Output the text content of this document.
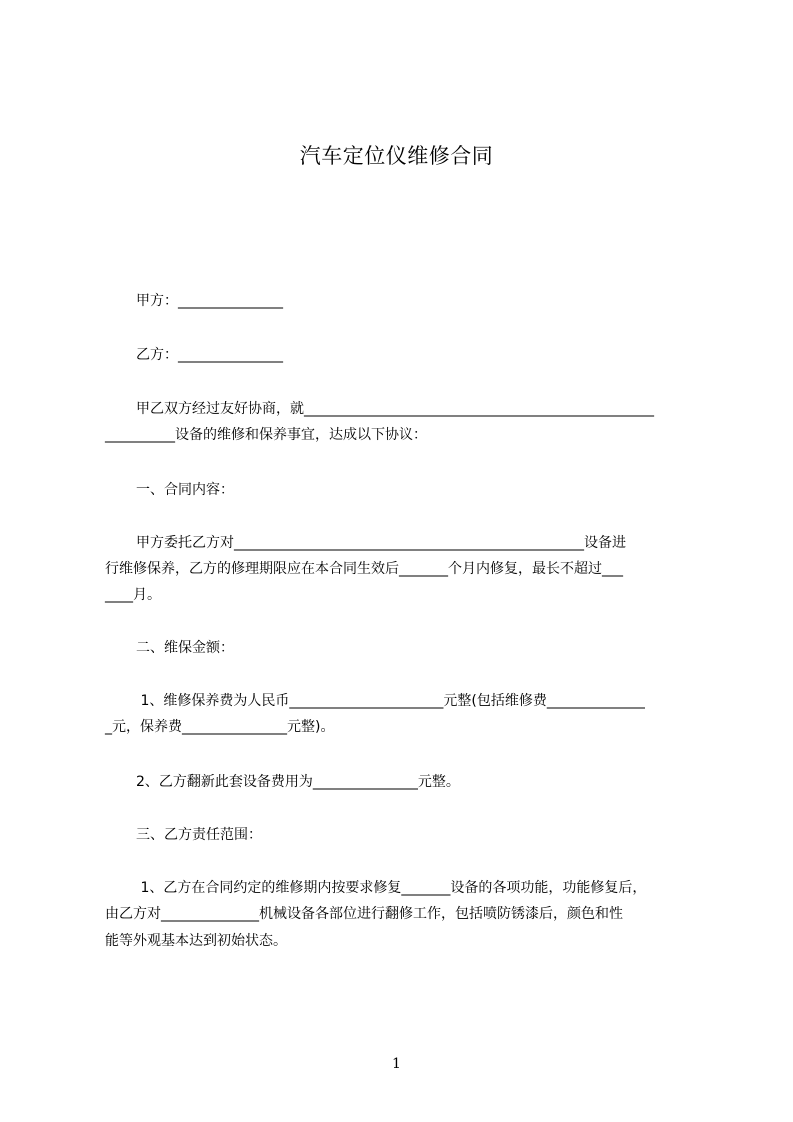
汽车定位仪维修合同
甲方：_______________
乙方：_______________
甲乙双方经过友好协商，就__________________________________________________
__________设备的维修和保养事宜，达成以下协议：
一、合同内容：
甲方委托乙方对__________________________________________________设备进
行维修保养，乙方的修理期限应在本合同生效后_______个月内修复，最长不超过___
____月。
二、维保金额：
1、维修保养费为人民币______________________元整(包括维修费______________
_元，保养费_______________元整)。
2、乙方翻新此套设备费用为_______________元整。
三、乙方责任范围：
1、乙方在合同约定的维修期内按要求修复_______设备的各项功能，功能修复后，
由乙方对______________机械设备各部位进行翻修工作，包括喷防锈漆后，颜色和性
能等外观基本达到初始状态。
1
